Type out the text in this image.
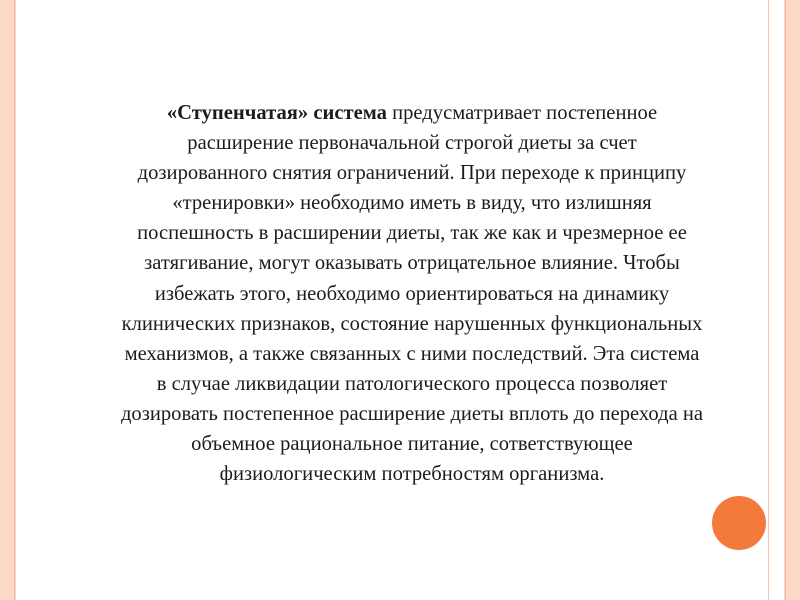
«Ступенчатая» система предусматривает постепенное
расширение первоначальной строгой диеты за счет
дозированного снятия ограничений. При переходе к принципу
«тренировки» необходимо иметь в виду, что излишняя
поспешность в расширении диеты, так же как и чрезмерное ее
затягивание, могут оказывать отрицательное влияние. Чтобы
избежать этого, необходимо ориентироваться на динамику
клинических признаков, состояние нарушенных функциональных
механизмов, а также связанных с ними последствий. Эта система
в случае ликвидации патологического процесса позволяет
дозировать постепенное расширение диеты вплоть до перехода на
объемное рациональное питание, сответствующее
физиологическим потребностям организма.
